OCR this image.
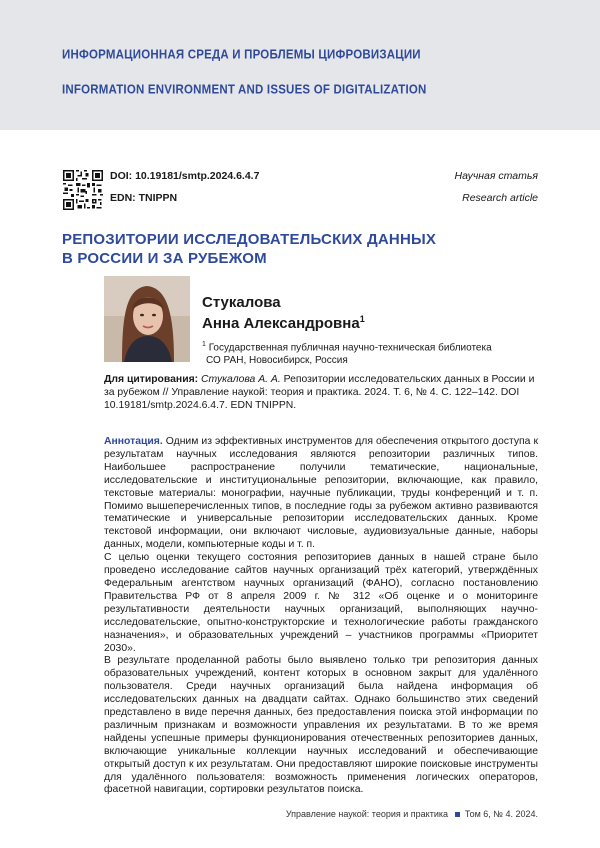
ИНФОРМАЦИОННАЯ СРЕДА И ПРОБЛЕМЫ ЦИФРОВИЗАЦИИ
INFORMATION ENVIRONMENT AND ISSUES OF DIGITALIZATION
DOI: 10.19181/smtp.2024.6.4.7
EDN: TNIPPN
Научная статья
Research article
РЕПОЗИТОРИИ ИССЛЕДОВАТЕЛЬСКИХ ДАННЫХ
В РОССИИ И ЗА РУБЕЖОМ
Стукалова
Анна Александровна$^1$
$^1$ Государственная публичная научно-техническая библиотека
СО РАН, Новосибирск, Россия
Для цитирования: Стукалова А. А. Репозитории исследовательских данных в России и за рубежом // Управление наукой: теория и практика. 2024. Т. 6, № 4. С. 122–142. DOI 10.19181/smtp.2024.6.4.7. EDN TNIPPN.

Аннотация. Одним из эффективных инструментов для обеспечения открытого доступа к результатам научных исследования являются репозитории различных типов. Наибольшее распространение получили тематические, национальные, исследовательские и институциональные репозитории, включающие, как правило, текстовые материалы: монографии, научные публикации, труды конференций и т. п. Помимо вышеперечисленных типов, в последние годы за рубежом активно развиваются тематические и универсальные репозитории исследовательских данных. Кроме текстовой информации, они включают числовые, аудиовизуальные данные, наборы данных, модели, компьютерные коды и т. п.

С целью оценки текущего состояния репозиториев данных в нашей стране было проведено исследование сайтов научных организаций трёх категорий, утверждённых Федеральным агентством научных организаций (ФАНО), согласно постановлению Правительства РФ от 8 апреля 2009 г. № 312 «Об оценке и о мониторинге результативности деятельности научных организаций, выполняющих научно-исследовательские, опытно-конструкторские и технологические работы гражданского назначения», и образовательных учреждений – участников программы «Приоритет 2030».

В результате проделанной работы было выявлено только три репозитория данных образовательных учреждений, контент которых в основном закрыт для удалённого пользователя. Среди научных организаций была найдена информация об исследовательских данных на двадцати сайтах. Однако большинство этих сведений представлено в виде перечня данных, без предоставления поиска этой информации по различным признакам и возможности управления их результатами. В то же время найдены успешные примеры функционирования отечественных репозиториев данных, включающие уникальные коллекции научных исследований и обеспечивающие открытый доступ к их результатам. Они предоставляют широкие поисковые инструменты для удалённого пользователя: возможность применения логических операторов, фасетной навигации, сортировки результатов поиска.

Управление наукой: теория и практика Том 6, № 4. 2024.
